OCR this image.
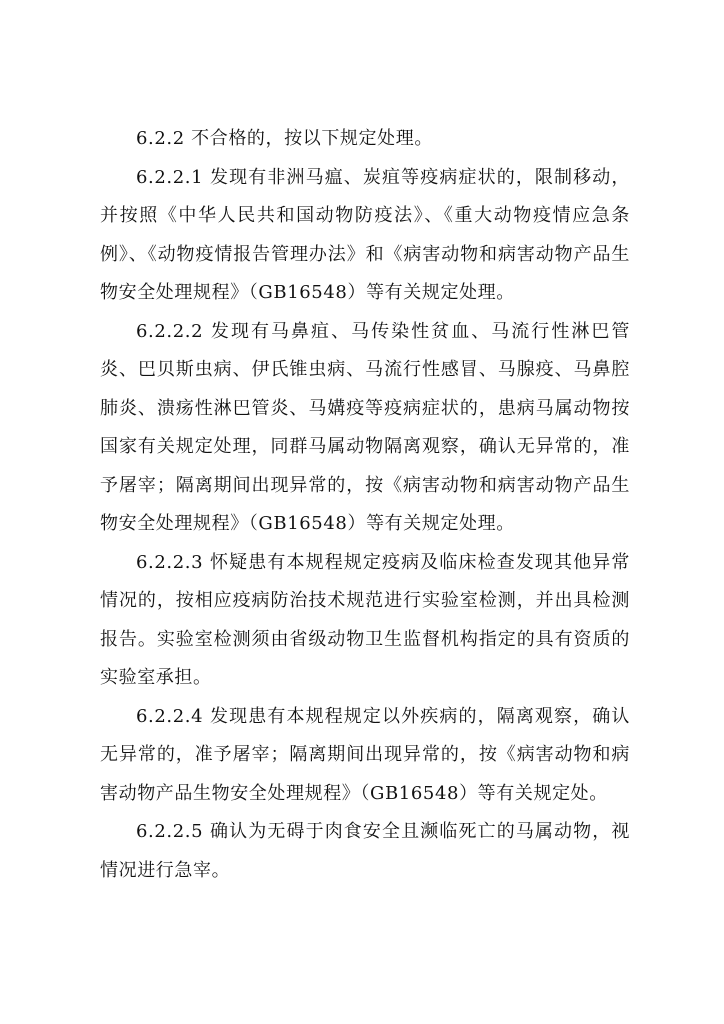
6.2.2 不合格的，按以下规定处理。

6.2.2.1 发现有非洲马瘟、炭疽等疫病症状的，限制移动，并按照《中华人民共和国动物防疫法》、《重大动物疫情应急条例》、《动物疫情报告管理办法》和《病害动物和病害动物产品生物安全处理规程》（GB16548）等有关规定处理。

6.2.2.2 发现有马鼻疽、马传染性贫血、马流行性淋巴管炎、巴贝斯虫病、伊氏锥虫病、马流行性感冒、马腺疫、马鼻腔肺炎、溃疡性淋巴管炎、马媾疫等疫病症状的，患病马属动物按国家有关规定处理，同群马属动物隔离观察，确认无异常的，准予屠宰；隔离期间出现异常的，按《病害动物和病害动物产品生物安全处理规程》（GB16548）等有关规定处理。

6.2.2.3 怀疑患有本规程规定疫病及临床检查发现其他异常情况的，按相应疫病防治技术规范进行实验室检测，并出具检测报告。实验室检测须由省级动物卫生监督机构指定的具有资质的实验室承担。

6.2.2.4 发现患有本规程规定以外疾病的，隔离观察，确认无异常的，准予屠宰；隔离期间出现异常的，按《病害动物和病害动物产品生物安全处理规程》（GB16548）等有关规定处。

6.2.2.5 确认为无碍于肉食安全且濒临死亡的马属动物，视情况进行急宰。
